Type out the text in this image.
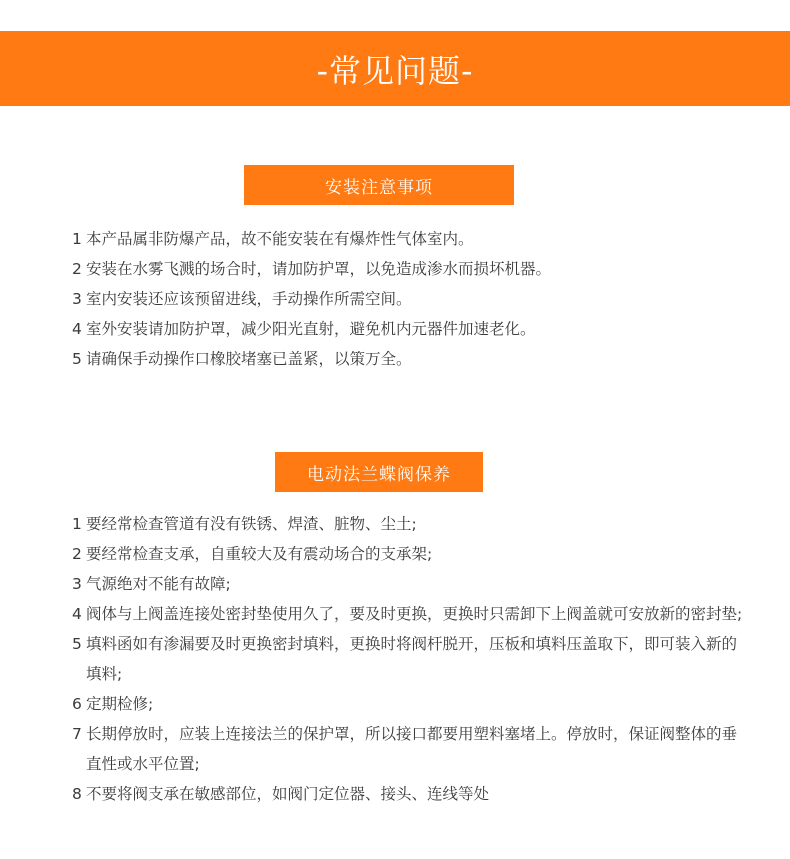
-常见问题-
安装注意事项
1 本产品属非防爆产品，故不能安装在有爆炸性气体室内。
2 安装在水雾飞溅的场合时，请加防护罩，以免造成渗水而损坏机器。
3 室内安装还应该预留进线，手动操作所需空间。
4 室外安装请加防护罩，减少阳光直射，避免机内元器件加速老化。
5 请确保手动操作口橡胶堵塞已盖紧，以策万全。
电动法兰蝶阀保养
1 要经常检查管道有没有铁锈、焊渣、脏物、尘土;
2 要经常检查支承，自重较大及有震动场合的支承架;
3 气源绝对不能有故障;
4 阀体与上阀盖连接处密封垫使用久了，要及时更换，更换时只需卸下上阀盖就可安放新的密封垫;
5 填料函如有渗漏要及时更换密封填料，更换时将阀杆脱开，压板和填料压盖取下，即可装入新的填料;
6 定期检修;
7 长期停放时，应装上连接法兰的保护罩，所以接口都要用塑料塞堵上。停放时，保证阀整体的垂直性或水平位置;
8 不要将阀支承在敏感部位，如阀门定位器、接头、连线等处
